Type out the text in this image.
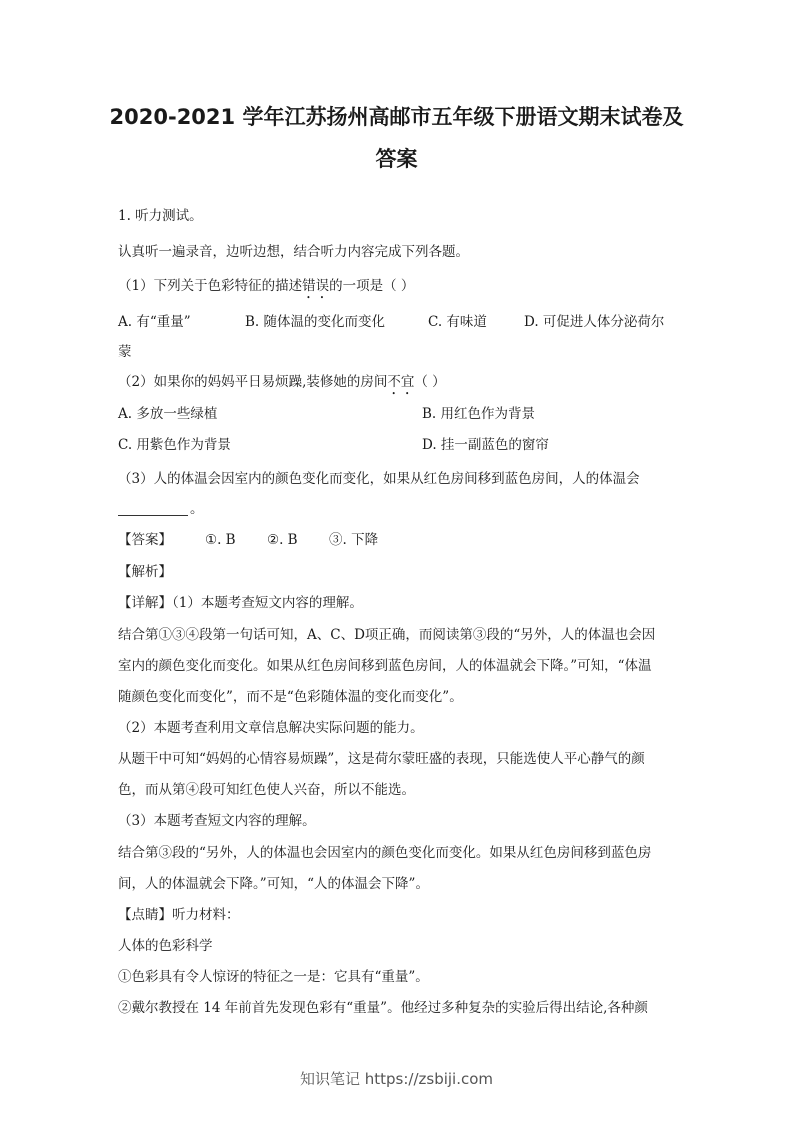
2020-2021 学年江苏扬州高邮市五年级下册语文期末试卷及
答案
1. 听力测试。
认真听一遍录音，边听边想，结合听力内容完成下列各题。
（1）下列关于色彩特征的描述错误的一项是（ ）
A. 有“重量”	B. 随体温的变化而变化	C. 有味道	D. 可促进人体分泌荷尔
蒙
（2）如果你的妈妈平日易烦躁,装修她的房间不宜（ ）
A. 多放一些绿植	B. 用红色作为背景
C. 用紫色作为背景	D. 挂一副蓝色的窗帘
（3）人的体温会因室内的颜色变化而变化，如果从红色房间移到蓝色房间，人的体温会
。
【答案】 ①. B ②. B ③. 下降
【解析】
【详解】（1）本题考查短文内容的理解。
结合第①③④段第一句话可知，A、C、D项正确，而阅读第③段的“另外，人的体温也会因
室内的颜色变化而变化。如果从红色房间移到蓝色房间，人的体温就会下降。”可知，“体温
随颜色变化而变化”，而不是“色彩随体温的变化而变化”。
（2）本题考查利用文章信息解决实际问题的能力。
从题干中可知“妈妈的心情容易烦躁”，这是荷尔蒙旺盛的表现，只能选使人平心静气的颜
色，而从第④段可知红色使人兴奋，所以不能选。
（3）本题考查短文内容的理解。
结合第③段的“另外，人的体温也会因室内的颜色变化而变化。如果从红色房间移到蓝色房
间，人的体温就会下降。”可知，“人的体温会下降”。
【点睛】听力材料：
人体的色彩科学
①色彩具有令人惊讶的特征之一是：它具有“重量”。
②戴尔教授在 14 年前首先发现色彩有“重量”。他经过多种复杂的实验后得出结论,各种颜
知识笔记 https://zsbiji.com
